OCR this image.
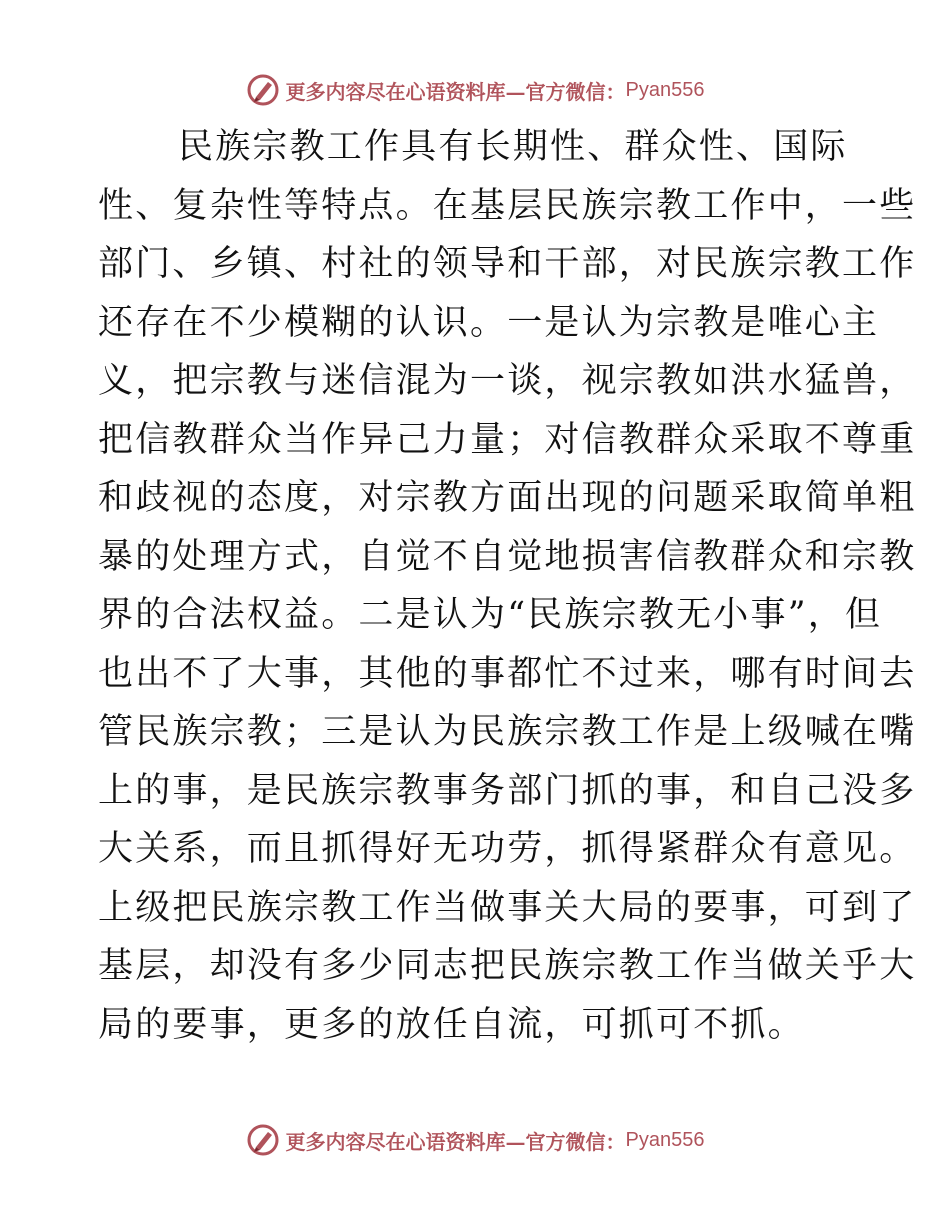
更多内容尽在心语资料库—官方微信： Pyan556
民族宗教工作具有长期性、群众性、国际
性、复杂性等特点。在基层民族宗教工作中，一些
部门、乡镇、村社的领导和干部，对民族宗教工作
还存在不少模糊的认识。一是认为宗教是唯心主
义，把宗教与迷信混为一谈，视宗教如洪水猛兽，
把信教群众当作异己力量；对信教群众采取不尊重
和歧视的态度，对宗教方面出现的问题采取简单粗
暴的处理方式，自觉不自觉地损害信教群众和宗教
界的合法权益。二是认为“民族宗教无小事”，但
也出不了大事，其他的事都忙不过来，哪有时间去
管民族宗教；三是认为民族宗教工作是上级喊在嘴
上的事，是民族宗教事务部门抓的事，和自己没多
大关系，而且抓得好无功劳，抓得紧群众有意见。
上级把民族宗教工作当做事关大局的要事，可到了
基层，却没有多少同志把民族宗教工作当做关乎大
局的要事，更多的放任自流，可抓可不抓。
更多内容尽在心语资料库—官方微信： Pyan556
